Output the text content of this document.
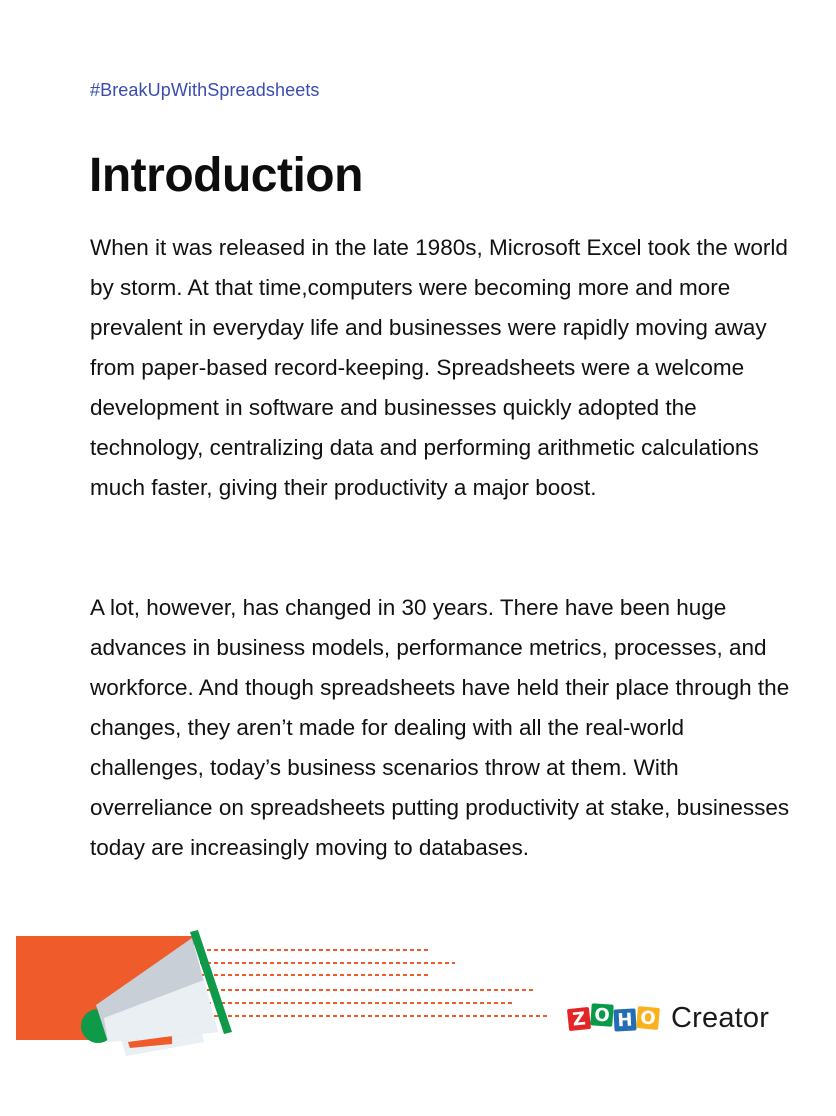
#BreakUpWithSpreadsheets
Introduction

When it was released in the late 1980s, Microsoft Excel took the world by storm. At that time,computers were becoming more and more prevalent in everyday life and businesses were rapidly moving away from paper-based record-keeping. Spreadsheets were a welcome development in software and businesses quickly adopted the technology, centralizing data and performing arithmetic calculations much faster, giving their productivity a major boost.

A lot, however, has changed in 30 years. There have been huge advances in business models, performance metrics, processes, and workforce. And though spreadsheets have held their place through the changes, they aren’t made for dealing with all the real-world challenges, today’s business scenarios throw at them. With overreliance on spreadsheets putting productivity at stake, businesses today are increasingly moving to databases.

Z O H O Creator
